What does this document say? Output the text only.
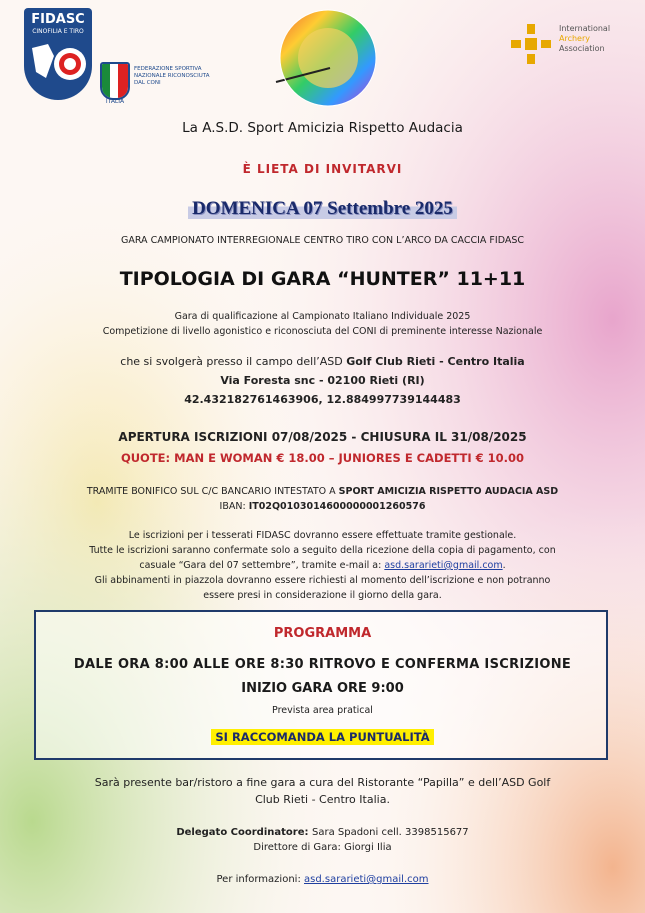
FIDASC
CINOFILIA E TIRO
ITALIA
FEDERAZIONE SPORTIVA NAZIONALE RICONOSCIUTA DAL CONI
International
Archery
Association
La A.S.D. Sport Amicizia Rispetto Audacia
È LIETA DI INVITARVI
DOMENICA 07 Settembre 2025
GARA CAMPIONATO INTERREGIONALE CENTRO TIRO CON L’ARCO DA CACCIA FIDASC
TIPOLOGIA DI GARA “HUNTER” 11+11
Gara di qualificazione al Campionato Italiano Individuale 2025
Competizione di livello agonistico e riconosciuta del CONI di preminente interesse Nazionale
che si svolgerà presso il campo dell’ASD Golf Club Rieti - Centro Italia
Via Foresta snc - 02100 Rieti (RI)
42.432182761463906, 12.884997739144483
APERTURA ISCRIZIONI 07/08/2025 - CHIUSURA IL 31/08/2025
QUOTE: MAN E WOMAN € 18.00 – JUNIORES E CADETTI € 10.00
TRAMITE BONIFICO SUL C/C BANCARIO INTESTATO A SPORT AMICIZIA RISPETTO AUDACIA ASD
IBAN: IT02Q0103014600000001260576
Le iscrizioni per i tesserati FIDASC dovranno essere effettuate tramite gestionale.
Tutte le iscrizioni saranno confermate solo a seguito della ricezione della copia di pagamento, con
casuale “Gara del 07 settembre”, tramite e-mail a: asd.sararieti@gmail.com.
Gli abbinamenti in piazzola dovranno essere richiesti al momento dell’iscrizione e non potranno
essere presi in considerazione il giorno della gara.
PROGRAMMA
DALE ORA 8:00 ALLE ORE 8:30 RITROVO E CONFERMA ISCRIZIONE
INIZIO GARA ORE 9:00
Prevista area pratical
SI RACCOMANDA LA PUNTUALITÀ
Sarà presente bar/ristoro a fine gara a cura del Ristorante “Papilla” e dell’ASD Golf
Club Rieti - Centro Italia.
Delegato Coordinatore: Sara Spadoni cell. 3398515677
Direttore di Gara: Giorgi Ilia
Per informazioni: asd.sararieti@gmail.com
